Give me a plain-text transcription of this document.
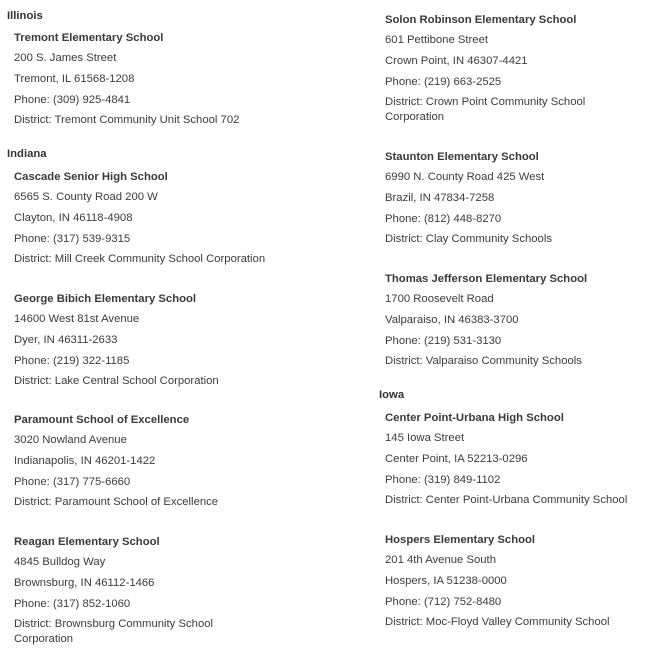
Illinois
Tremont Elementary School
200 S. James Street
Tremont, IL 61568-1208
Phone: (309) 925-4841
District: Tremont Community Unit School 702
Indiana
Cascade Senior High School
6565 S. County Road 200 W
Clayton, IN 46118-4908
Phone: (317) 539-9315
District: Mill Creek Community School Corporation
George Bibich Elementary School
14600 West 81st Avenue
Dyer, IN 46311-2633
Phone: (219) 322-1185
District: Lake Central School Corporation
Paramount School of Excellence
3020 Nowland Avenue
Indianapolis, IN 46201-1422
Phone: (317) 775-6660
District: Paramount School of Excellence
Reagan Elementary School
4845 Bulldog Way
Brownsburg, IN 46112-1466
Phone: (317) 852-1060
District: Brownsburg Community School Corporation
Solon Robinson Elementary School
601 Pettibone Street
Crown Point, IN 46307-4421
Phone: (219) 663-2525
District: Crown Point Community School Corporation
Staunton Elementary School
6990 N. County Road 425 West
Brazil, IN 47834-7258
Phone: (812) 448-8270
District: Clay Community Schools
Thomas Jefferson Elementary School
1700 Roosevelt Road
Valparaiso, IN 46383-3700
Phone: (219) 531-3130
District: Valparaiso Community Schools
Iowa
Center Point-Urbana High School
145 Iowa Street
Center Point, IA 52213-0296
Phone: (319) 849-1102
District: Center Point-Urbana Community School
Hospers Elementary School
201 4th Avenue South
Hospers, IA 51238-0000
Phone: (712) 752-8480
District: Moc-Floyd Valley Community School
